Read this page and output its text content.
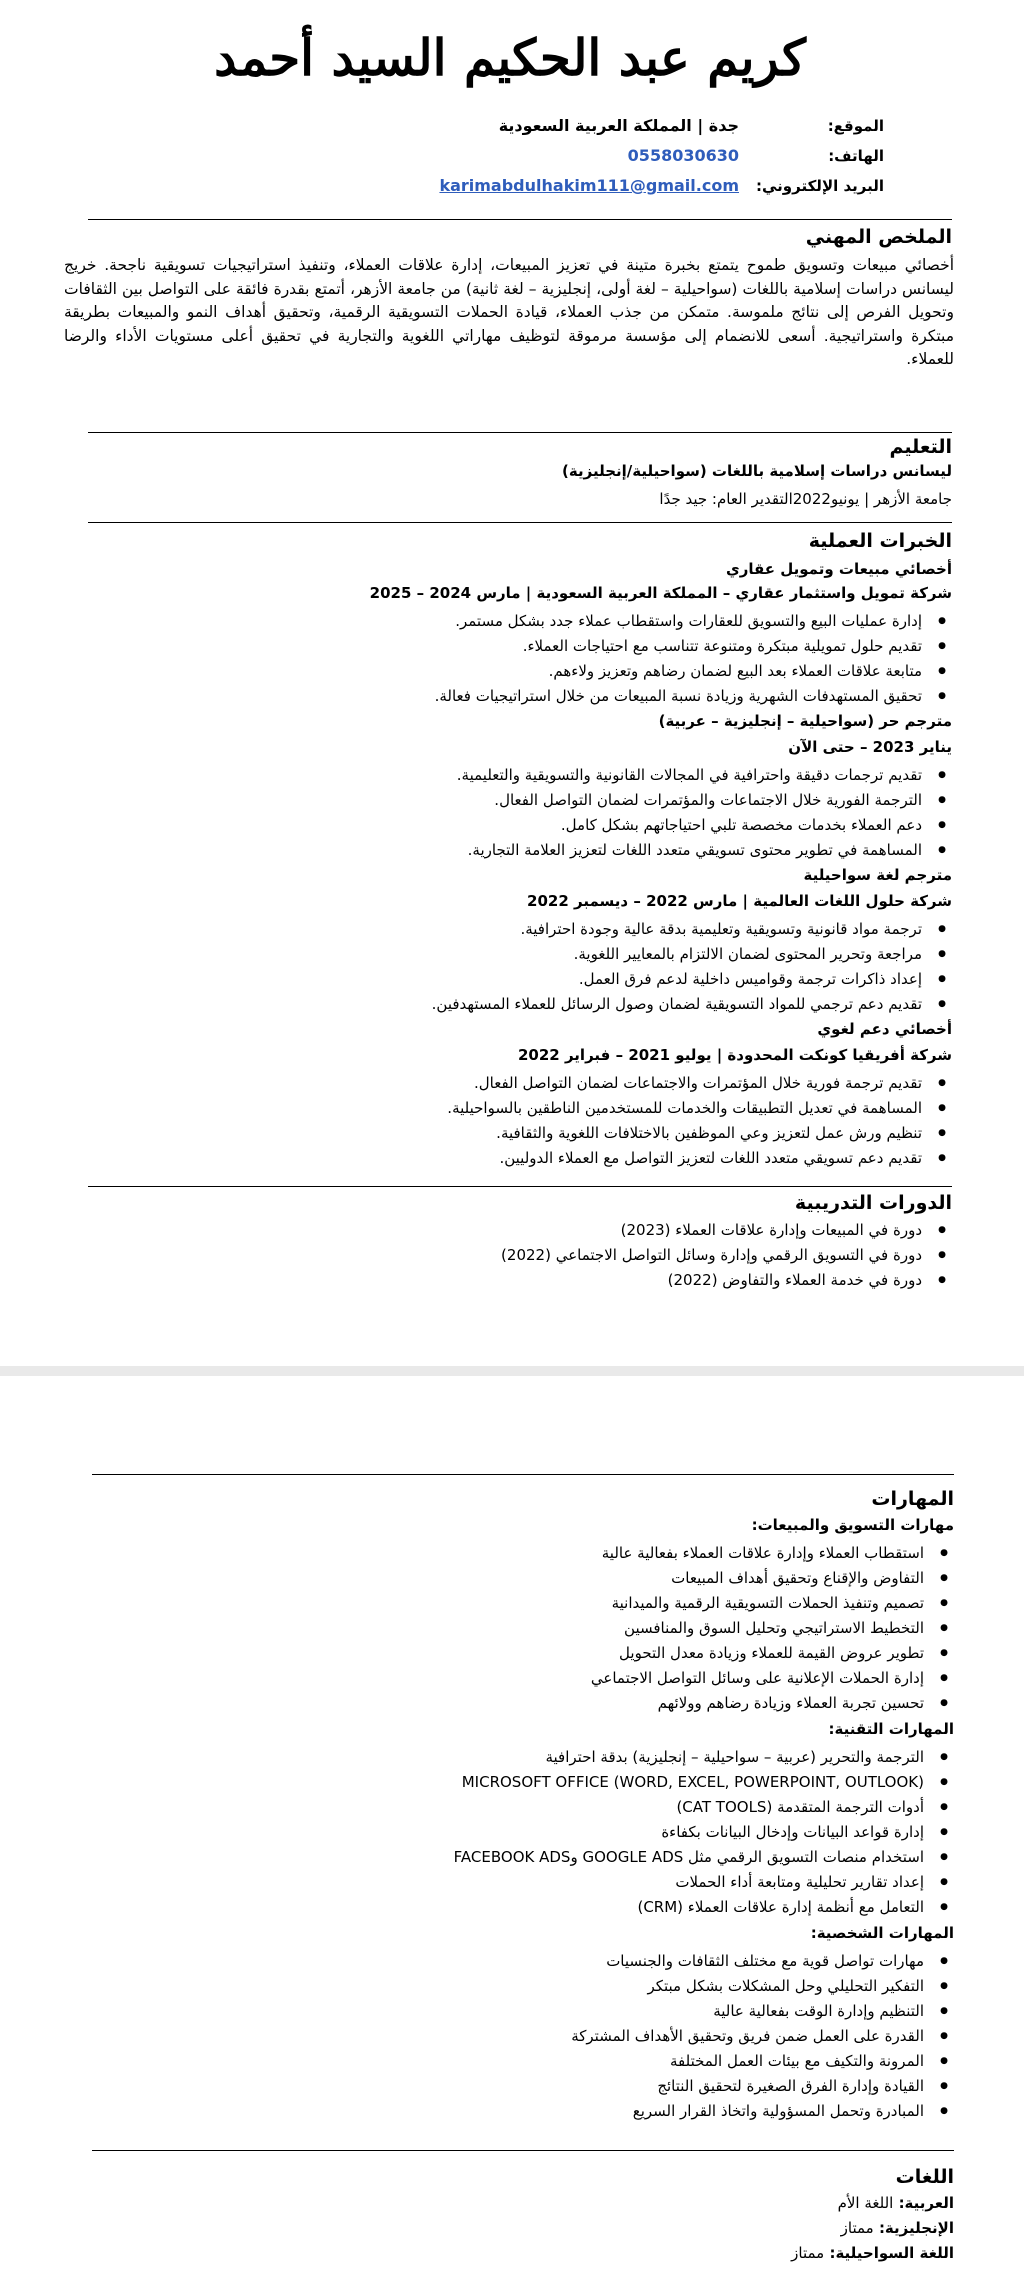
كريم عبد الحكيم السيد أحمد
الموقع:
جدة | المملكة العربية السعودية
الهاتف:
0558030630
البريد الإلكتروني:
karimabdulhakim111@gmail.com
الملخص المهني
أخصائي مبيعات وتسويق طموح يتمتع بخبرة متينة في تعزيز المبيعات، إدارة علاقات العملاء، وتنفيذ استراتيجيات تسويقية ناجحة. خريج ليسانس دراسات إسلامية باللغات (سواحيلية – لغة أولى، إنجليزية – لغة ثانية) من جامعة الأزهر، أتمتع بقدرة فائقة على التواصل بين الثقافات وتحويل الفرص إلى نتائج ملموسة. متمكن من جذب العملاء، قيادة الحملات التسويقية الرقمية، وتحقيق أهداف النمو والمبيعات بطريقة مبتكرة واستراتيجية. أسعى للانضمام إلى مؤسسة مرموقة لتوظيف مهاراتي اللغوية والتجارية في تحقيق أعلى مستويات الأداء والرضا للعملاء.
التعليم
ليسانس دراسات إسلامية باللغات (سواحيلية/إنجليزية)
جامعة الأزهر | يونيو2022التقدير العام: جيد جدًا
الخبرات العملية
أخصائي مبيعات وتمويل عقاري
شركة تمويل واستثمار عقاري – المملكة العربية السعودية | مارس 2024 – 2025
● إدارة عمليات البيع والتسويق للعقارات واستقطاب عملاء جدد بشكل مستمر.
● تقديم حلول تمويلية مبتكرة ومتنوعة تتناسب مع احتياجات العملاء.
● متابعة علاقات العملاء بعد البيع لضمان رضاهم وتعزيز ولاءهم.
● تحقيق المستهدفات الشهرية وزيادة نسبة المبيعات من خلال استراتيجيات فعالة.
مترجم حر (سواحيلية – إنجليزية – عربية)
يناير 2023 – حتى الآن
● تقديم ترجمات دقيقة واحترافية في المجالات القانونية والتسويقية والتعليمية.
● الترجمة الفورية خلال الاجتماعات والمؤتمرات لضمان التواصل الفعال.
● دعم العملاء بخدمات مخصصة تلبي احتياجاتهم بشكل كامل.
● المساهمة في تطوير محتوى تسويقي متعدد اللغات لتعزيز العلامة التجارية.
مترجم لغة سواحيلية
شركة حلول اللغات العالمية | مارس 2022 – ديسمبر 2022
● ترجمة مواد قانونية وتسويقية وتعليمية بدقة عالية وجودة احترافية.
● مراجعة وتحرير المحتوى لضمان الالتزام بالمعايير اللغوية.
● إعداد ذاكرات ترجمة وقواميس داخلية لدعم فرق العمل.
● تقديم دعم ترجمي للمواد التسويقية لضمان وصول الرسائل للعملاء المستهدفين.
أخصائي دعم لغوي
شركة أفريقيا كونكت المحدودة | يوليو 2021 – فبراير 2022
● تقديم ترجمة فورية خلال المؤتمرات والاجتماعات لضمان التواصل الفعال.
● المساهمة في تعديل التطبيقات والخدمات للمستخدمين الناطقين بالسواحيلية.
● تنظيم ورش عمل لتعزيز وعي الموظفين بالاختلافات اللغوية والثقافية.
● تقديم دعم تسويقي متعدد اللغات لتعزيز التواصل مع العملاء الدوليين.
الدورات التدريبية
● دورة في المبيعات وإدارة علاقات العملاء (2023)
● دورة في التسويق الرقمي وإدارة وسائل التواصل الاجتماعي (2022)
● دورة في خدمة العملاء والتفاوض (2022)
المهارات
مهارات التسويق والمبيعات:
● استقطاب العملاء وإدارة علاقات العملاء بفعالية عالية
● التفاوض والإقناع وتحقيق أهداف المبيعات
● تصميم وتنفيذ الحملات التسويقية الرقمية والميدانية
● التخطيط الاستراتيجي وتحليل السوق والمنافسين
● تطوير عروض القيمة للعملاء وزيادة معدل التحويل
● إدارة الحملات الإعلانية على وسائل التواصل الاجتماعي
● تحسين تجربة العملاء وزيادة رضاهم وولائهم
المهارات التقنية:
● الترجمة والتحرير (عربية – سواحيلية – إنجليزية) بدقة احترافية
● MICROSOFT OFFICE (WORD, EXCEL, POWERPOINT, OUTLOOK)
● أدوات الترجمة المتقدمة (CAT TOOLS)
● إدارة قواعد البيانات وإدخال البيانات بكفاءة
● استخدام منصات التسويق الرقمي مثل GOOGLE ADS وFACEBOOK ADS
● إعداد تقارير تحليلية ومتابعة أداء الحملات
● التعامل مع أنظمة إدارة علاقات العملاء (CRM)
المهارات الشخصية:
● مهارات تواصل قوية مع مختلف الثقافات والجنسيات
● التفكير التحليلي وحل المشكلات بشكل مبتكر
● التنظيم وإدارة الوقت بفعالية عالية
● القدرة على العمل ضمن فريق وتحقيق الأهداف المشتركة
● المرونة والتكيف مع بيئات العمل المختلفة
● القيادة وإدارة الفرق الصغيرة لتحقيق النتائج
● المبادرة وتحمل المسؤولية واتخاذ القرار السريع
اللغات
العربية: اللغة الأم
الإنجليزية: ممتاز
اللغة السواحيلية: ممتاز
